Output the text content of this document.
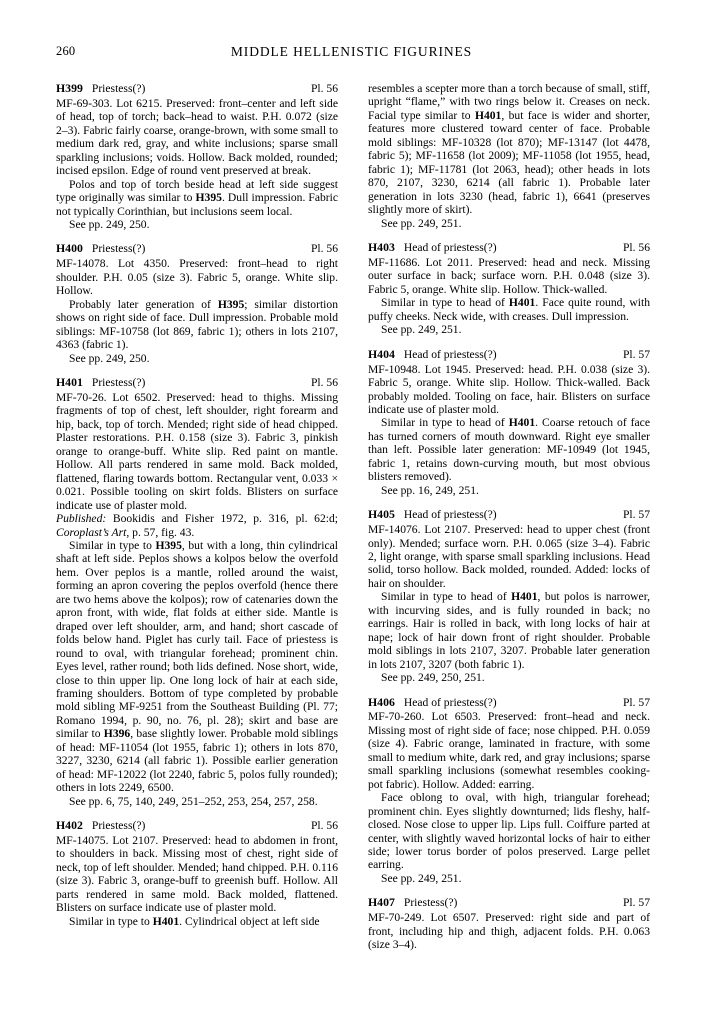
260	MIDDLE HELLENISTIC FIGURINES
H399 Priestess(?)	Pl. 56

MF-69-303. Lot 6215. Preserved: front–center and left side of head, top of torch; back–head to waist. P.H. 0.072 (size 2–3). Fabric fairly coarse, orange-brown, with some small to medium dark red, gray, and white inclusions; sparse small sparkling inclusions; voids. Hollow. Back molded, rounded; incised epsilon. Edge of round vent preserved at break.

Polos and top of torch beside head at left side suggest type originally was similar to H395. Dull impression. Fabric not typically Corinthian, but inclusions seem local.

See pp. 249, 250.

H400 Priestess(?)	Pl. 56

MF-14078. Lot 4350. Preserved: front–head to right shoulder. P.H. 0.05 (size 3). Fabric 5, orange. White slip. Hollow.

Probably later generation of H395; similar distortion shows on right side of face. Dull impression. Probable mold siblings: MF-10758 (lot 869, fabric 1); others in lots 2107, 4363 (fabric 1).

See pp. 249, 250.

H401 Priestess(?)	Pl. 56

MF-70-26. Lot 6502. Preserved: head to thighs. Missing fragments of top of chest, left shoulder, right forearm and hip, back, top of torch. Mended; right side of head chipped. Plaster restorations. P.H. 0.158 (size 3). Fabric 3, pinkish orange to orange-buff. White slip. Red paint on mantle. Hollow. All parts rendered in same mold. Back molded, flattened, flaring towards bottom. Rectangular vent, 0.033 × 0.021. Possible tooling on skirt folds. Blisters on surface indicate use of plaster mold.

Published: Bookidis and Fisher 1972, p. 316, pl. 62:d; Coroplast’s Art, p. 57, fig. 43.

Similar in type to H395, but with a long, thin cylindrical shaft at left side. Peplos shows a kolpos below the overfold hem. Over peplos is a mantle, rolled around the waist, forming an apron covering the peplos overfold (hence there are two hems above the kolpos); row of catenaries down the apron front, with wide, flat folds at either side. Mantle is draped over left shoulder, arm, and hand; short cascade of folds below hand. Piglet has curly tail. Face of priestess is round to oval, with triangular forehead; prominent chin. Eyes level, rather round; both lids defined. Nose short, wide, close to thin upper lip. One long lock of hair at each side, framing shoulders. Bottom of type completed by probable mold sibling MF-9251 from the Southeast Building (Pl. 77; Romano 1994, p. 90, no. 76, pl. 28); skirt and base are similar to H396, base slightly lower. Probable mold siblings of head: MF-11054 (lot 1955, fabric 1); others in lots 870, 3227, 3230, 6214 (all fabric 1). Possible earlier generation of head: MF-12022 (lot 2240, fabric 5, polos fully rounded); others in lots 2249, 6500.

See pp. 6, 75, 140, 249, 251–252, 253, 254, 257, 258.

H402 Priestess(?)	Pl. 56

MF-14075. Lot 2107. Preserved: head to abdomen in front, to shoulders in back. Missing most of chest, right side of neck, top of left shoulder. Mended; hand chipped. P.H. 0.116 (size 3). Fabric 3, orange-buff to greenish buff. Hollow. All parts rendered in same mold. Back molded, flattened. Blisters on surface indicate use of plaster mold.

Similar in type to H401. Cylindrical object at left side

resembles a scepter more than a torch because of small, stiff, upright “flame,” with two rings below it. Creases on neck. Facial type similar to H401, but face is wider and shorter, features more clustered toward center of face. Probable mold siblings: MF-10328 (lot 870); MF-13147 (lot 4478, fabric 5); MF-11658 (lot 2009); MF-11058 (lot 1955, head, fabric 1); MF-11781 (lot 2063, head); other heads in lots 870, 2107, 3230, 6214 (all fabric 1). Probable later generation in lots 3230 (head, fabric 1), 6641 (preserves slightly more of skirt).

See pp. 249, 251.

H403 Head of priestess(?)	Pl. 56

MF-11686. Lot 2011. Preserved: head and neck. Missing outer surface in back; surface worn. P.H. 0.048 (size 3). Fabric 5, orange. White slip. Hollow. Thick-walled.

Similar in type to head of H401. Face quite round, with puffy cheeks. Neck wide, with creases. Dull impression.

See pp. 249, 251.

H404 Head of priestess(?)	Pl. 57

MF-10948. Lot 1945. Preserved: head. P.H. 0.038 (size 3). Fabric 5, orange. White slip. Hollow. Thick-walled. Back probably molded. Tooling on face, hair. Blisters on surface indicate use of plaster mold.

Similar in type to head of H401. Coarse retouch of face has turned corners of mouth downward. Right eye smaller than left. Possible later generation: MF-10949 (lot 1945, fabric 1, retains down-curving mouth, but most obvious blisters removed).

See pp. 16, 249, 251.

H405 Head of priestess(?)	Pl. 57

MF-14076. Lot 2107. Preserved: head to upper chest (front only). Mended; surface worn. P.H. 0.065 (size 3–4). Fabric 2, light orange, with sparse small sparkling inclusions. Head solid, torso hollow. Back molded, rounded. Added: locks of hair on shoulder.

Similar in type to head of H401, but polos is narrower, with incurving sides, and is fully rounded in back; no earrings. Hair is rolled in back, with long locks of hair at nape; lock of hair down front of right shoulder. Probable mold siblings in lots 2107, 3207. Probable later generation in lots 2107, 3207 (both fabric 1).

See pp. 249, 250, 251.

H406 Head of priestess(?)	Pl. 57

MF-70-260. Lot 6503. Preserved: front–head and neck. Missing most of right side of face; nose chipped. P.H. 0.059 (size 4). Fabric orange, laminated in fracture, with some small to medium white, dark red, and gray inclusions; sparse small sparkling inclusions (somewhat resembles cooking-pot fabric). Hollow. Added: earring.

Face oblong to oval, with high, triangular forehead; prominent chin. Eyes slightly downturned; lids fleshy, half-closed. Nose close to upper lip. Lips full. Coiffure parted at center, with slightly waved horizontal locks of hair to either side; lower torus border of polos preserved. Large pellet earring.

See pp. 249, 251.

H407 Priestess(?)	Pl. 57

MF-70-249. Lot 6507. Preserved: right side and part of front, including hip and thigh, adjacent folds. P.H. 0.063 (size 3–4).
